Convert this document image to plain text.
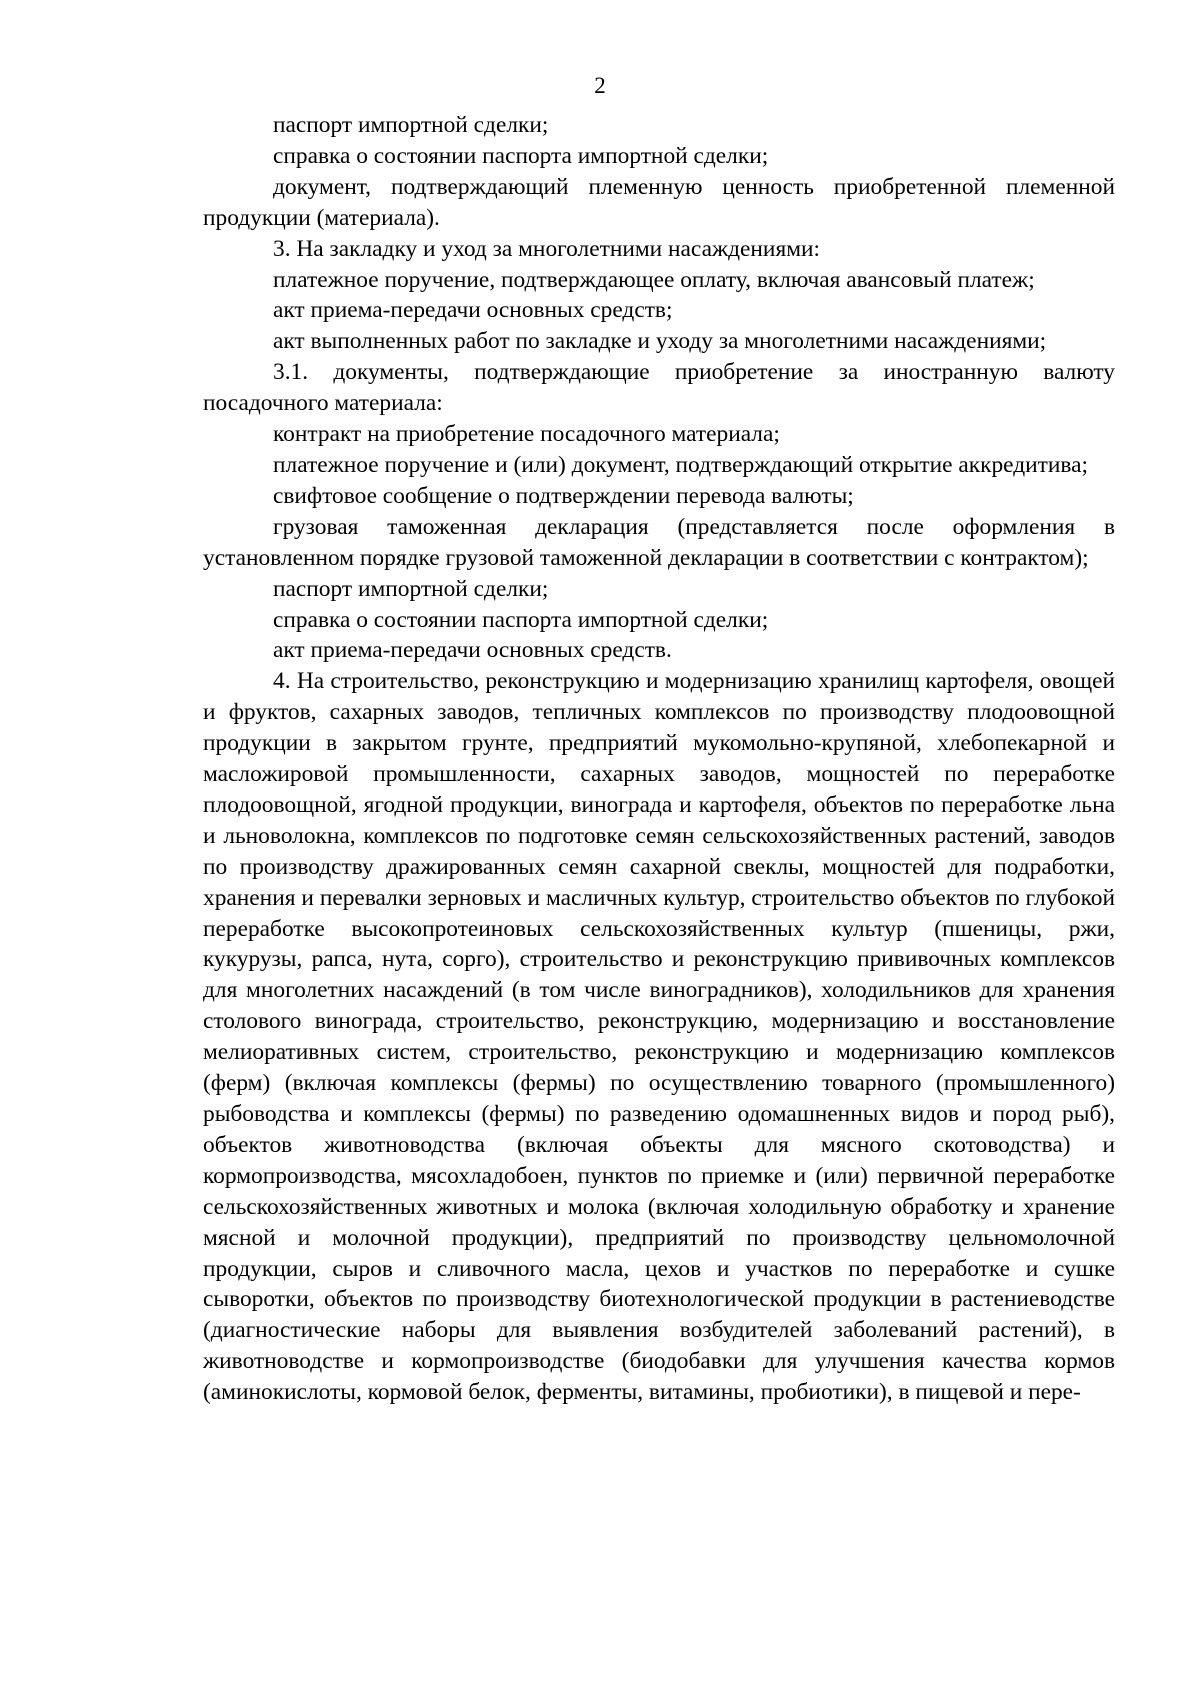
2

паспорт импортной сделки;

справка о состоянии паспорта импортной сделки;

документ, подтверждающий племенную ценность приобретенной племенной продукции (материала).

3. На закладку и уход за многолетними насаждениями:

платежное поручение, подтверждающее оплату, включая авансовый платеж;

акт приема-передачи основных средств;

акт выполненных работ по закладке и уходу за многолетними насаждениями;

3.1. документы, подтверждающие приобретение за иностранную валюту посадочного материала:

контракт на приобретение посадочного материала;

платежное поручение и (или) документ, подтверждающий открытие аккредитива;

свифтовое сообщение о подтверждении перевода валюты;

грузовая таможенная декларация (представляется после оформления в установленном порядке грузовой таможенной декларации в соответствии с контрактом);

паспорт импортной сделки;

справка о состоянии паспорта импортной сделки;

акт приема-передачи основных средств.

4. На строительство, реконструкцию и модернизацию хранилищ картофеля, овощей и фруктов, сахарных заводов, тепличных комплексов по производству плодоовощной продукции в закрытом грунте, предприятий мукомольно-крупяной, хлебопекарной и масложировой промышленности, сахарных заводов, мощностей по переработке плодоовощной, ягодной продукции, винограда и картофеля, объектов по переработке льна и льноволокна, комплексов по подготовке семян сельскохозяйственных растений, заводов по производству дражированных семян сахарной свеклы, мощностей для подработки, хранения и перевалки зерновых и масличных культур, строительство объектов по глубокой переработке высокопротеиновых сельскохозяйственных культур (пшеницы, ржи, кукурузы, рапса, нута, сорго), строительство и реконструкцию прививочных комплексов для многолетних насаждений (в том числе виноградников), холодильников для хранения столового винограда, строительство, реконструкцию, модернизацию и восстановление мелиоративных систем, строительство, реконструкцию и модернизацию комплексов (ферм) (включая комплексы (фермы) по осуществлению товарного (промышленного) рыбоводства и комплексы (фермы) по разведению одомашненных видов и пород рыб), объектов животноводства (включая объекты для мясного скотоводства) и кормопроизводства, мясохладобоен, пунктов по приемке и (или) первичной переработке сельскохозяйственных животных и молока (включая холодильную обработку и хранение мясной и молочной продукции), предприятий по производству цельномолочной продукции, сыров и сливочного масла, цехов и участков по переработке и сушке сыворотки, объектов по производству биотехнологической продукции в растениеводстве (диагностические наборы для выявления возбудителей заболеваний растений), в животноводстве и кормопроизводстве (биодобавки для улучшения качества кормов (аминокислоты, кормовой белок, ферменты, витамины, пробиотики), в пищевой и пере-
